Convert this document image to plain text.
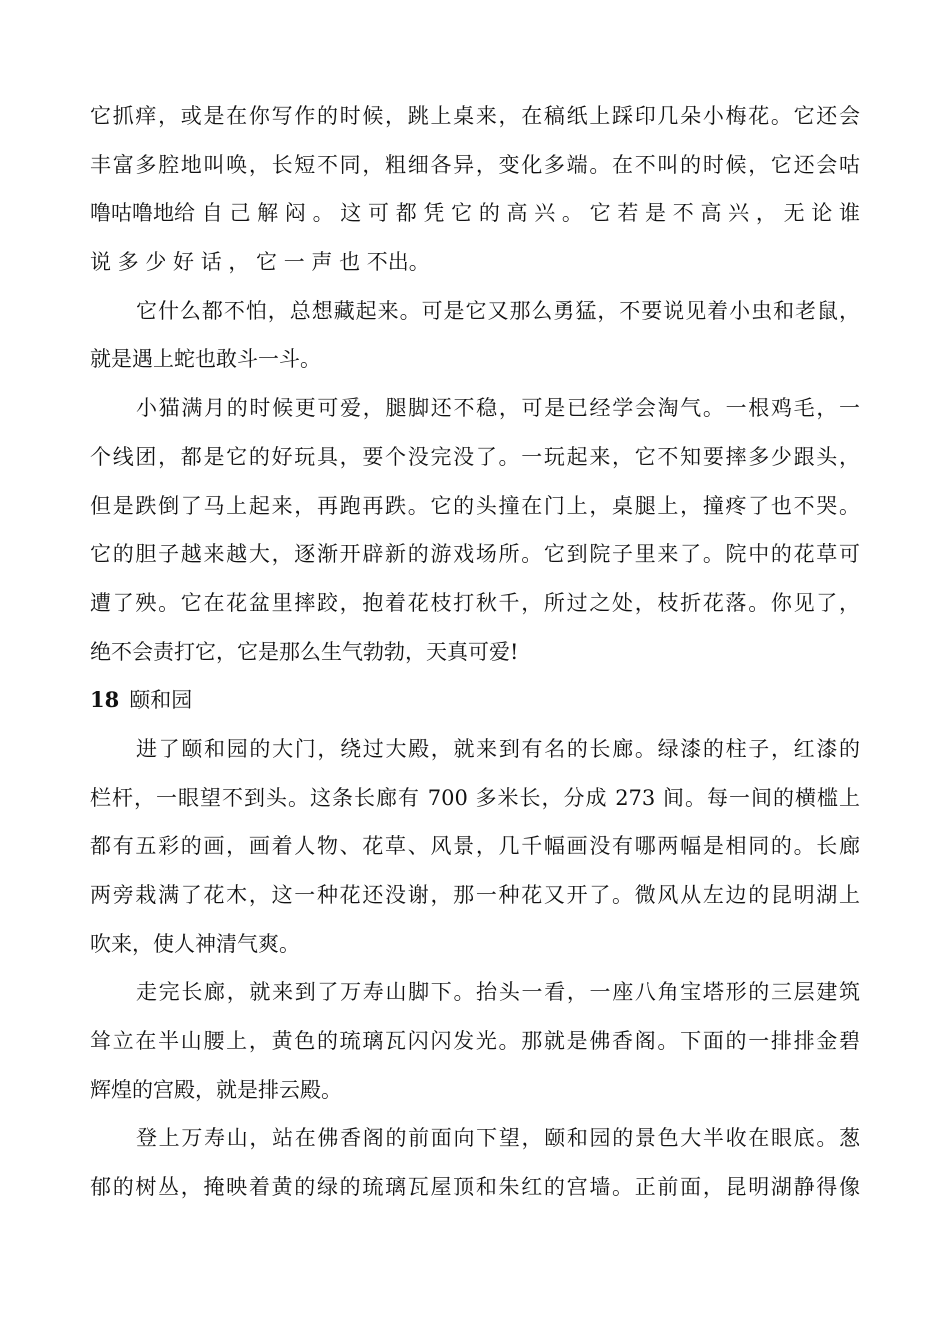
它抓痒，或是在你写作的时候，跳上桌来，在稿纸上踩印几朵小梅花。它还会
丰富多腔地叫唤，长短不同，粗细各异，变化多端。在不叫的时候，它还会咕
噜咕噜地给 自 己 解 闷 。 这 可 都 凭 它 的 高 兴 。 它 若 是 不 高 兴 ， 无 论 谁
说 多 少 好 话 ， 它 一 声 也 不出。
它什么都不怕，总想藏起来。可是它又那么勇猛，不要说见着小虫和老鼠，
就是遇上蛇也敢斗一斗。
小猫满月的时候更可爱，腿脚还不稳，可是已经学会淘气。一根鸡毛，一
个线团，都是它的好玩具，要个没完没了。一玩起来，它不知要摔多少跟头，
但是跌倒了马上起来，再跑再跌。它的头撞在门上，桌腿上，撞疼了也不哭。
它的胆子越来越大，逐渐开辟新的游戏场所。它到院子里来了。院中的花草可
遭了殃。它在花盆里摔跤，抱着花枝打秋千，所过之处，枝折花落。你见了，
绝不会责打它，它是那么生气勃勃，天真可爱!
18 颐和园
进了颐和园的大门，绕过大殿，就来到有名的长廊。绿漆的柱子，红漆的
栏杆，一眼望不到头。这条长廊有 700 多米长，分成 273 间。每一间的横槛上
都有五彩的画，画着人物、花草、风景，几千幅画没有哪两幅是相同的。长廊
两旁栽满了花木，这一种花还没谢，那一种花又开了。微风从左边的昆明湖上
吹来，使人神清气爽。
走完长廊，就来到了万寿山脚下。抬头一看，一座八角宝塔形的三层建筑
耸立在半山腰上，黄色的琉璃瓦闪闪发光。那就是佛香阁。下面的一排排金碧
辉煌的宫殿，就是排云殿。
登上万寿山，站在佛香阁的前面向下望，颐和园的景色大半收在眼底。葱
郁的树丛，掩映着黄的绿的琉璃瓦屋顶和朱红的宫墙。正前面，昆明湖静得像
